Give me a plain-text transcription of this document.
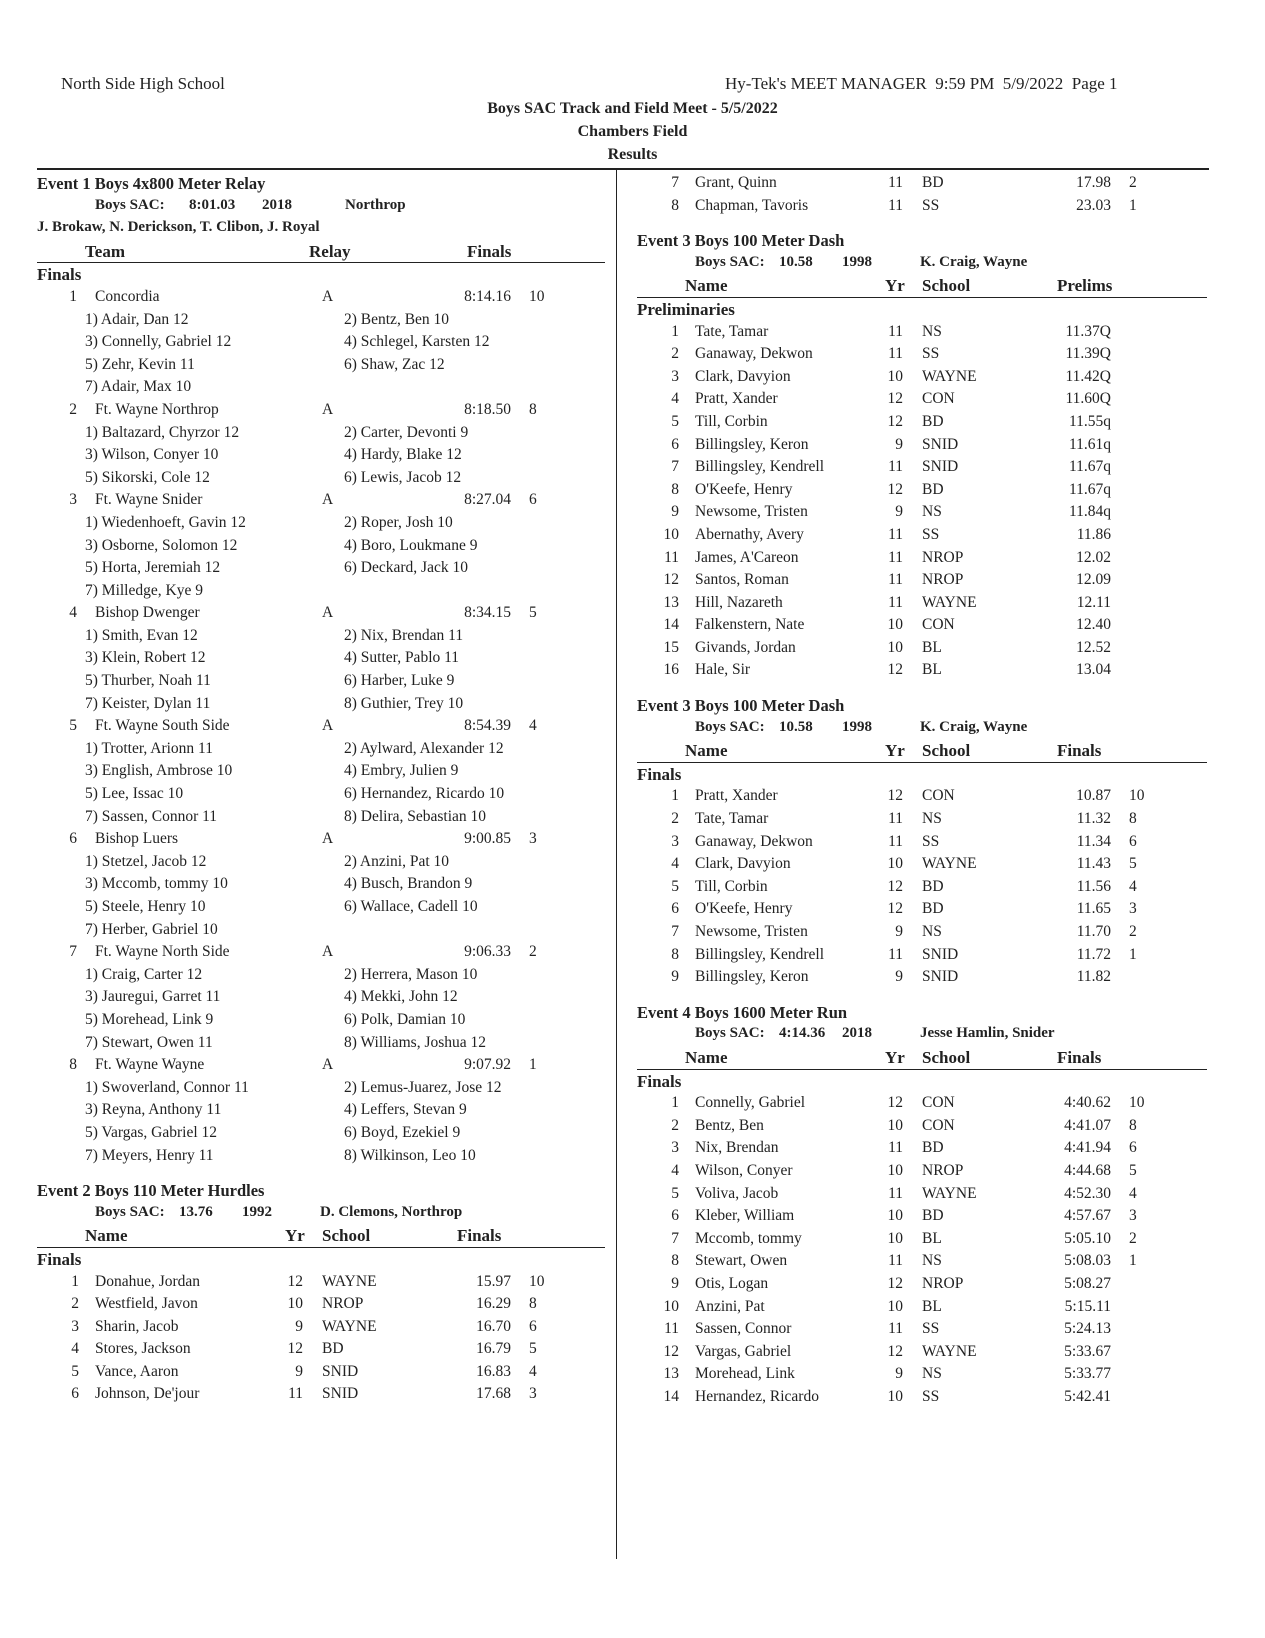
North Side High School	Hy-Tek's MEET MANAGER  9:59 PM  5/9/2022  Page 1
Boys SAC Track and Field Meet - 5/5/2022
Chambers Field
Results
Event 1 Boys 4x800 Meter Relay
Boys SAC: 8:01.03 2018	Northrop
J. Brokaw, N. Derickson, T. Clibon, J. Royal
Team	Relay	Finals
Finals
1 Concordia	A	8:14.16 10
1) Adair, Dan 12	2) Bentz, Ben 10
3) Connelly, Gabriel 12	4) Schlegel, Karsten 12
5) Zehr, Kevin 11	6) Shaw, Zac 12
7) Adair, Max 10
2 Ft. Wayne Northrop	A	8:18.50 8
1) Baltazard, Chyrzor 12	2) Carter, Devonti 9
3) Wilson, Conyer 10	4) Hardy, Blake 12
5) Sikorski, Cole 12	6) Lewis, Jacob 12
3 Ft. Wayne Snider	A	8:27.04 6
1) Wiedenhoeft, Gavin 12	2) Roper, Josh 10
3) Osborne, Solomon 12	4) Boro, Loukmane 9
5) Horta, Jeremiah 12	6) Deckard, Jack 10
7) Milledge, Kye 9
4 Bishop Dwenger	A	8:34.15 5
1) Smith, Evan 12	2) Nix, Brendan 11
3) Klein, Robert 12	4) Sutter, Pablo 11
5) Thurber, Noah 11	6) Harber, Luke 9
7) Keister, Dylan 11	8) Guthier, Trey 10
5 Ft. Wayne South Side	A	8:54.39 4
1) Trotter, Arionn 11	2) Aylward, Alexander 12
3) English, Ambrose 10	4) Embry, Julien 9
5) Lee, Issac 10	6) Hernandez, Ricardo 10
7) Sassen, Connor 11	8) Delira, Sebastian 10
6 Bishop Luers	A	9:00.85 3
1) Stetzel, Jacob 12	2) Anzini, Pat 10
3) Mccomb, tommy 10	4) Busch, Brandon 9
5) Steele, Henry 10	6) Wallace, Cadell 10
7) Herber, Gabriel 10
7 Ft. Wayne North Side	A	9:06.33 2
1) Craig, Carter 12	2) Herrera, Mason 10
3) Jauregui, Garret 11	4) Mekki, John 12
5) Morehead, Link 9	6) Polk, Damian 10
7) Stewart, Owen 11	8) Williams, Joshua 12
8 Ft. Wayne Wayne	A	9:07.92 1
1) Swoverland, Connor 11	2) Lemus-Juarez, Jose 12
3) Reyna, Anthony 11	4) Leffers, Stevan 9
5) Vargas, Gabriel 12	6) Boyd, Ezekiel 9
7) Meyers, Henry 11	8) Wilkinson, Leo 10
Event 2 Boys 110 Meter Hurdles
Boys SAC: 13.76 1992	D. Clemons, Northrop
Name	Yr School	Finals
Finals
1 Donahue, Jordan	12 WAYNE	15.97 10
2 Westfield, Javon	10 NROP	16.29 8
3 Sharin, Jacob	9 WAYNE	16.70 6
4 Stores, Jackson	12 BD	16.79 5
5 Vance, Aaron	9 SNID	16.83 4
6 Johnson, De'jour	11 SNID	17.68 3
7 Grant, Quinn	11 BD	17.98 2
8 Chapman, Tavoris	11 SS	23.03 1
Event 3 Boys 100 Meter Dash
Boys SAC: 10.58 1998	K. Craig, Wayne
Name	Yr School	Prelims
Preliminaries
1 Tate, Tamar	11 NS	11.37Q
2 Ganaway, Dekwon	11 SS	11.39Q
3 Clark, Davyion	10 WAYNE	11.42Q
4 Pratt, Xander	12 CON	11.60Q
5 Till, Corbin	12 BD	11.55q
6 Billingsley, Keron	9 SNID	11.61q
7 Billingsley, Kendrell	11 SNID	11.67q
8 O'Keefe, Henry	12 BD	11.67q
9 Newsome, Tristen	9 NS	11.84q
10 Abernathy, Avery	11 SS	11.86
11 James, A'Careon	11 NROP	12.02
12 Santos, Roman	11 NROP	12.09
13 Hill, Nazareth	11 WAYNE	12.11
14 Falkenstern, Nate	10 CON	12.40
15 Givands, Jordan	10 BL	12.52
16 Hale, Sir	12 BL	13.04
Event 3 Boys 100 Meter Dash
Boys SAC: 10.58 1998	K. Craig, Wayne
Name	Yr School	Finals
Finals
1 Pratt, Xander	12 CON	10.87 10
2 Tate, Tamar	11 NS	11.32 8
3 Ganaway, Dekwon	11 SS	11.34 6
4 Clark, Davyion	10 WAYNE	11.43 5
5 Till, Corbin	12 BD	11.56 4
6 O'Keefe, Henry	12 BD	11.65 3
7 Newsome, Tristen	9 NS	11.70 2
8 Billingsley, Kendrell	11 SNID	11.72 1
9 Billingsley, Keron	9 SNID	11.82
Event 4 Boys 1600 Meter Run
Boys SAC: 4:14.36 2018	Jesse Hamlin, Snider
Name	Yr School	Finals
Finals
1 Connelly, Gabriel	12 CON	4:40.62 10
2 Bentz, Ben	10 CON	4:41.07 8
3 Nix, Brendan	11 BD	4:41.94 6
4 Wilson, Conyer	10 NROP	4:44.68 5
5 Voliva, Jacob	11 WAYNE	4:52.30 4
6 Kleber, William	10 BD	4:57.67 3
7 Mccomb, tommy	10 BL	5:05.10 2
8 Stewart, Owen	11 NS	5:08.03 1
9 Otis, Logan	12 NROP	5:08.27
10 Anzini, Pat	10 BL	5:15.11
11 Sassen, Connor	11 SS	5:24.13
12 Vargas, Gabriel	12 WAYNE	5:33.67
13 Morehead, Link	9 NS	5:33.77
14 Hernandez, Ricardo	10 SS	5:42.41
